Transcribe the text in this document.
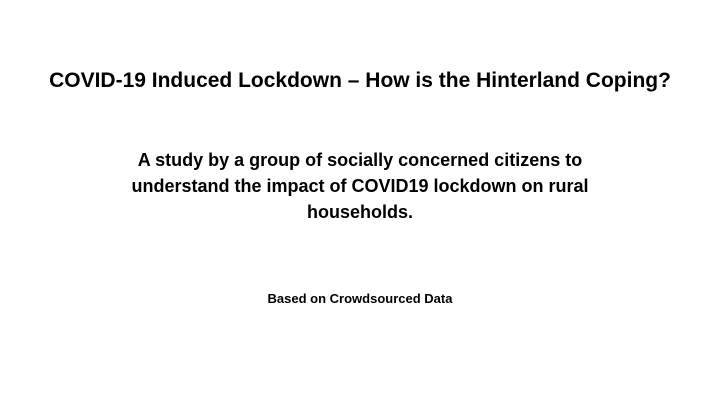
COVID-19 Induced Lockdown – How is the Hinterland Coping?

A study by a group of socially concerned citizens to understand the impact of COVID19 lockdown on rural households.

Based on Crowdsourced Data
